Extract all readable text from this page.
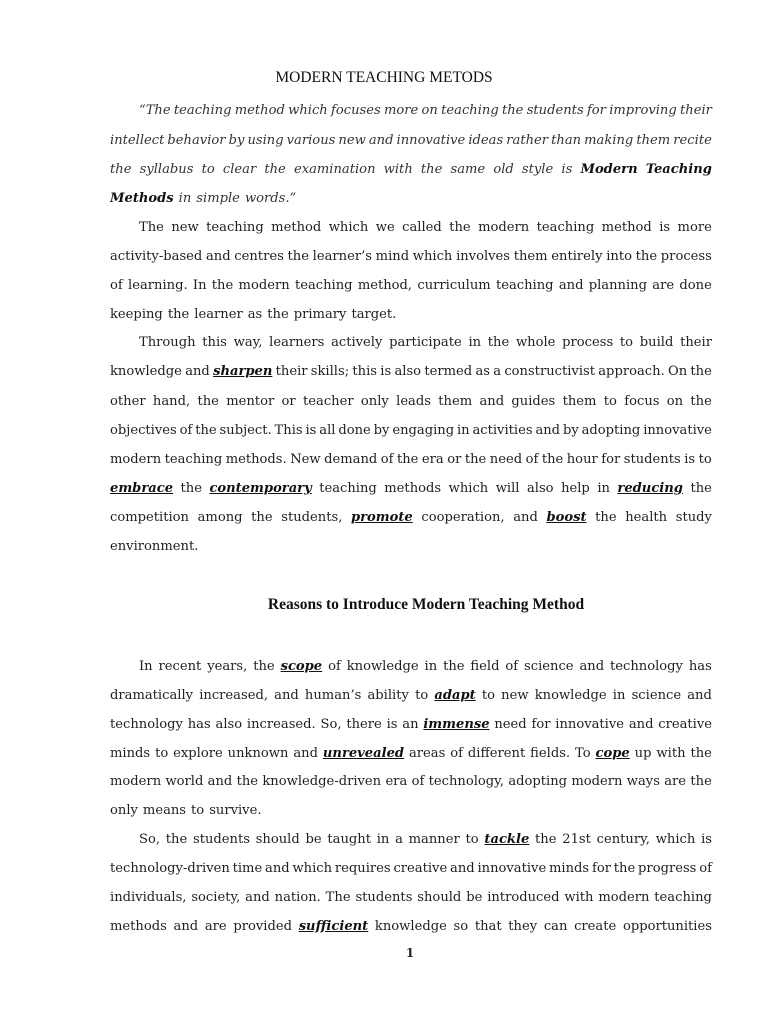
MODERN TEACHING METODS
“The teaching method which focuses more on teaching the students for improving their
intellect behavior by using various new and innovative ideas rather than making them recite
the syllabus to clear the examination with the same old style is Modern Teaching
Methods in simple words.”
The new teaching method which we called the modern teaching method is more
activity-based and centres the learner’s mind which involves them entirely into the process
of learning. In the modern teaching method, curriculum teaching and planning are done
keeping the learner as the primary target.
Through this way, learners actively participate in the whole process to build their
knowledge and sharpen their skills; this is also termed as a constructivist approach. On the
other hand, the mentor or teacher only leads them and guides them to focus on the
objectives of the subject. This is all done by engaging in activities and by adopting innovative
modern teaching methods. New demand of the era or the need of the hour for students is to
embrace the contemporary teaching methods which will also help in reducing the
competition among the students, promote cooperation, and boost the health study
environment.
Reasons to Introduce Modern Teaching Method
In recent years, the scope of knowledge in the field of science and technology has
dramatically increased, and human’s ability to adapt to new knowledge in science and
technology has also increased. So, there is an immense need for innovative and creative
minds to explore unknown and unrevealed areas of different fields. To cope up with the
modern world and the knowledge-driven era of technology, adopting modern ways are the
only means to survive.
So, the students should be taught in a manner to tackle the 21st century, which is
technology-driven time and which requires creative and innovative minds for the progress of
individuals, society, and nation. The students should be introduced with modern teaching
methods and are provided sufficient knowledge so that they can create opportunities
1
